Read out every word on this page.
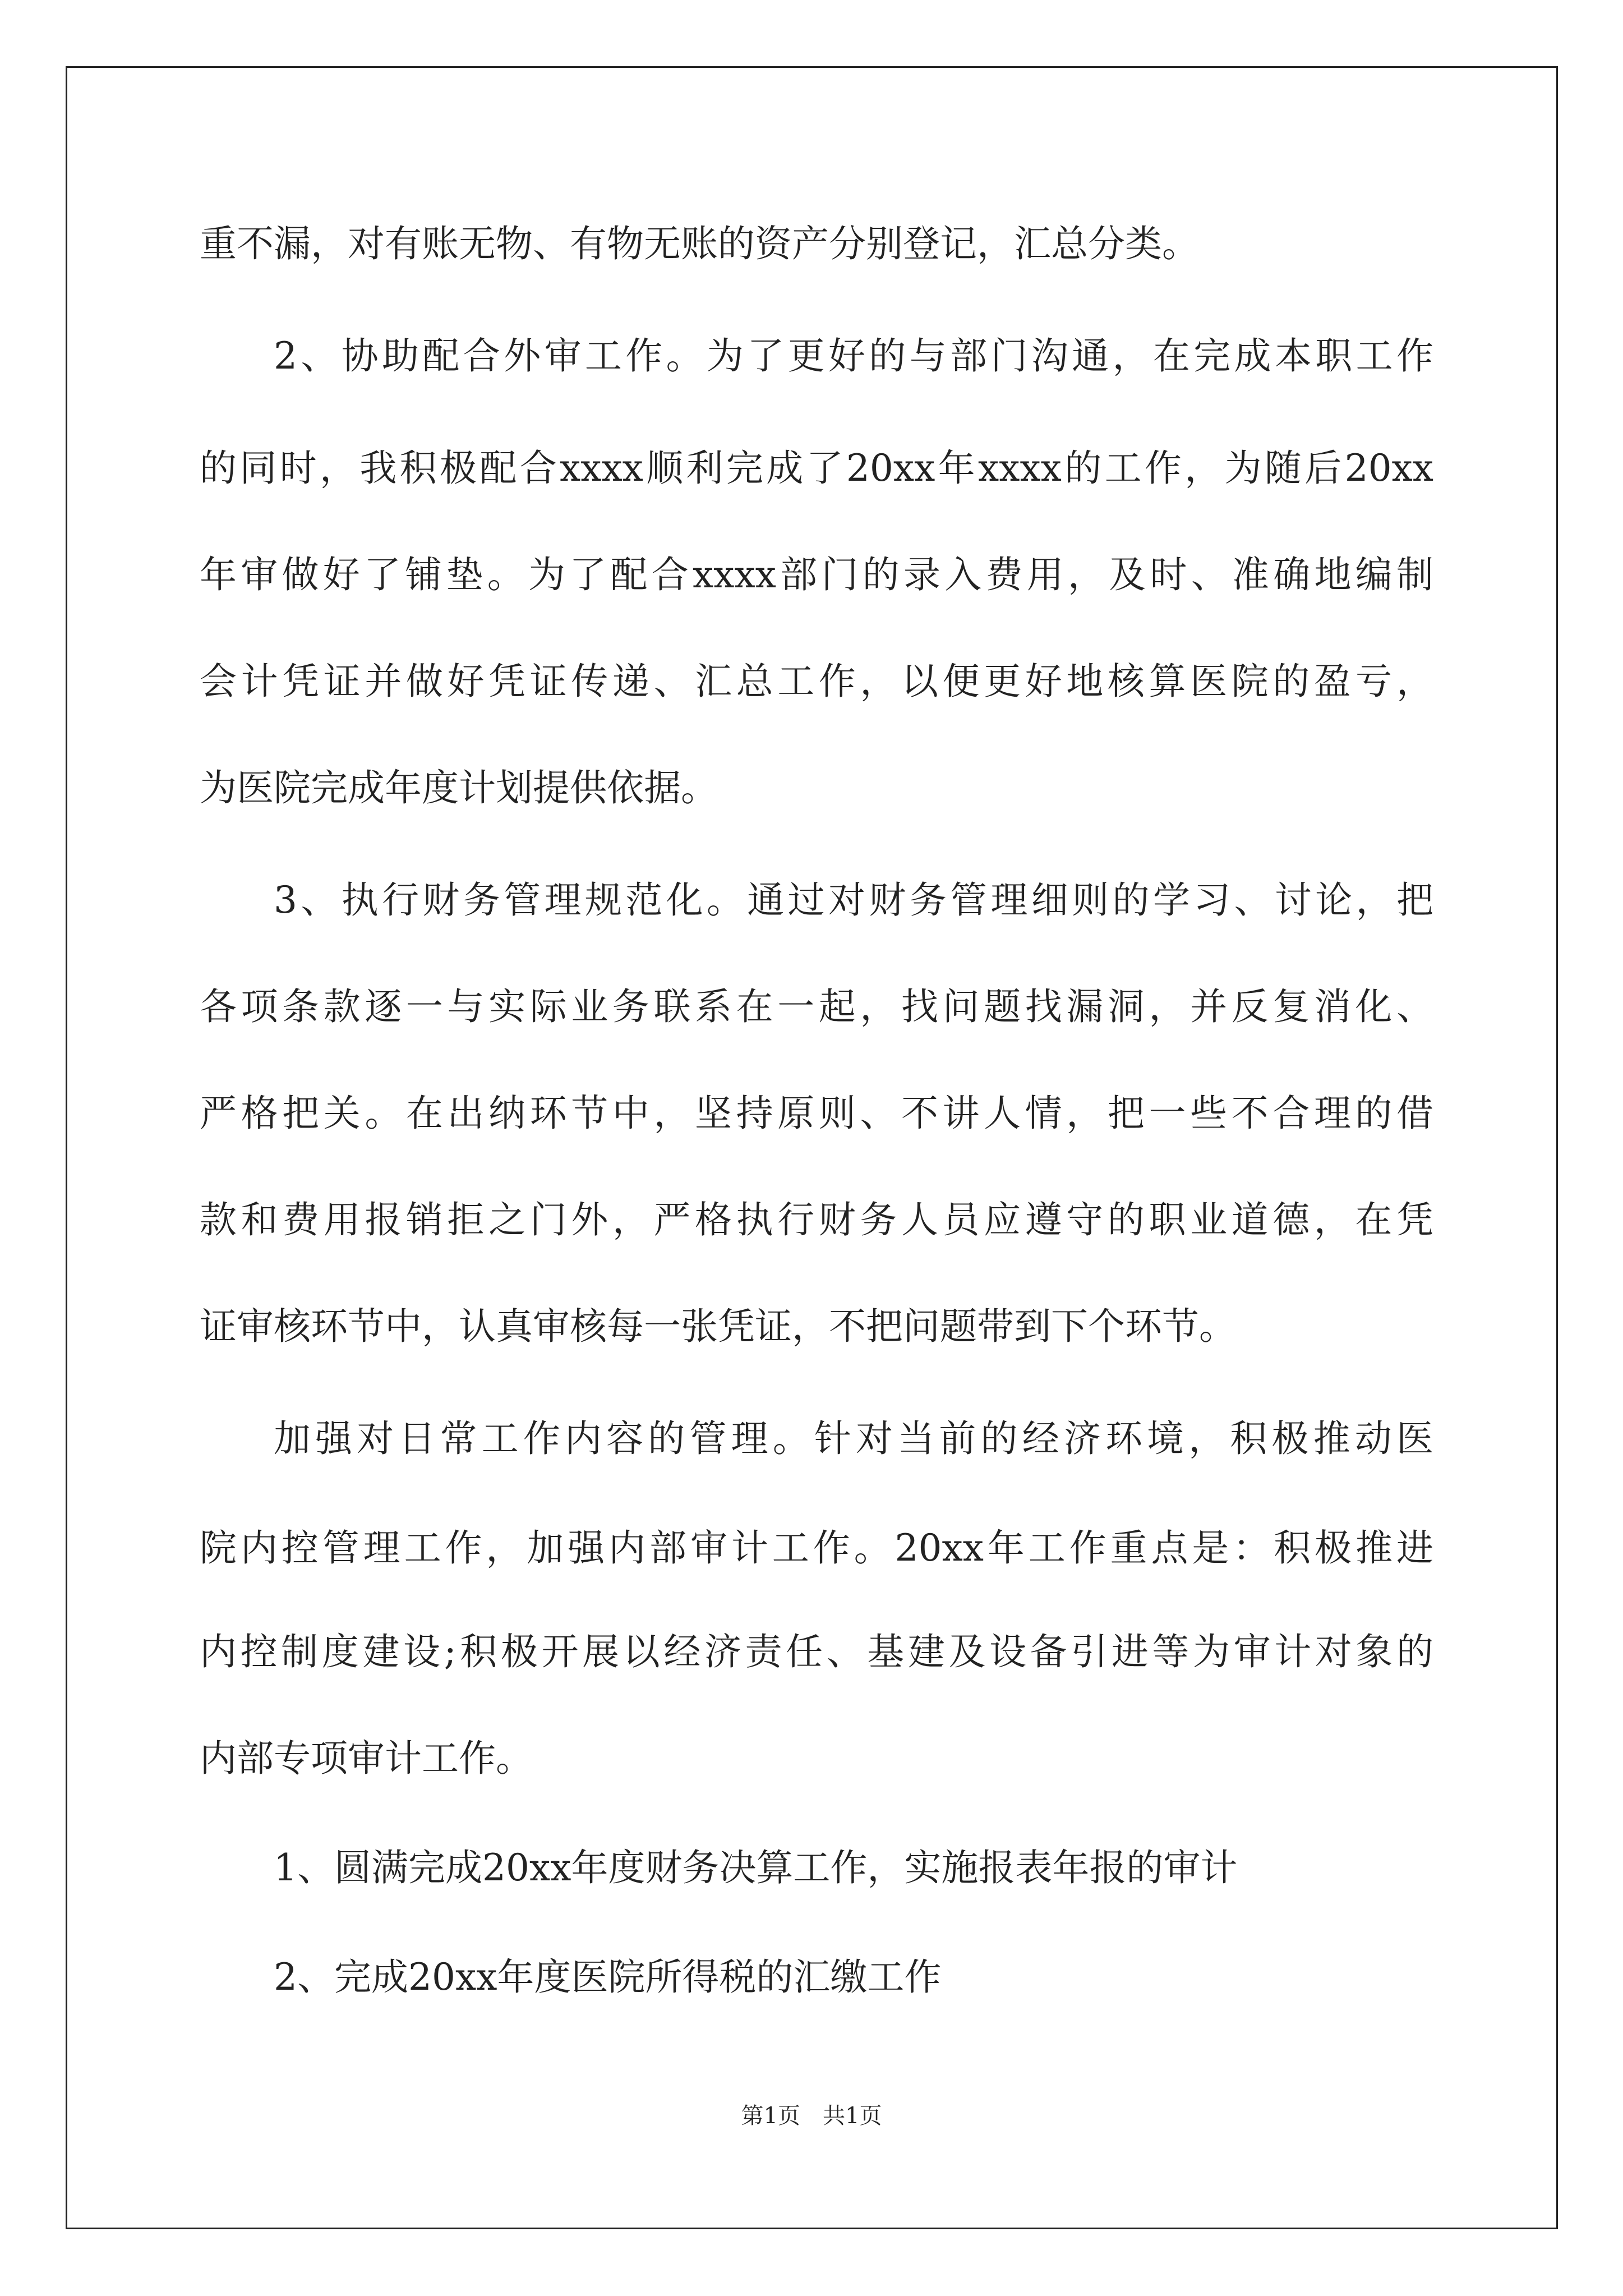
重不漏，对有账无物、有物无账的资产分别登记，汇总分类。
2、协助配合外审工作。为了更好的与部门沟通，在完成本职工作
的同时，我积极配合xxxx顺利完成了20xx年xxxx的工作，为随后20xx
年审做好了铺垫。为了配合xxxx部门的录入费用，及时、准确地编制
会计凭证并做好凭证传递、汇总工作，以便更好地核算医院的盈亏，
为医院完成年度计划提供依据。
3、执行财务管理规范化。通过对财务管理细则的学习、讨论，把
各项条款逐一与实际业务联系在一起，找问题找漏洞，并反复消化、
严格把关。在出纳环节中，坚持原则、不讲人情，把一些不合理的借
款和费用报销拒之门外，严格执行财务人员应遵守的职业道德，在凭
证审核环节中，认真审核每一张凭证，不把问题带到下个环节。
加强对日常工作内容的管理。针对当前的经济环境，积极推动医
院内控管理工作，加强内部审计工作。20xx年工作重点是：积极推进
内控制度建设;积极开展以经济责任、基建及设备引进等为审计对象的
内部专项审计工作。
1、圆满完成20xx年度财务决算工作，实施报表年报的审计
2、完成20xx年度医院所得税的汇缴工作
第1页　共1页
